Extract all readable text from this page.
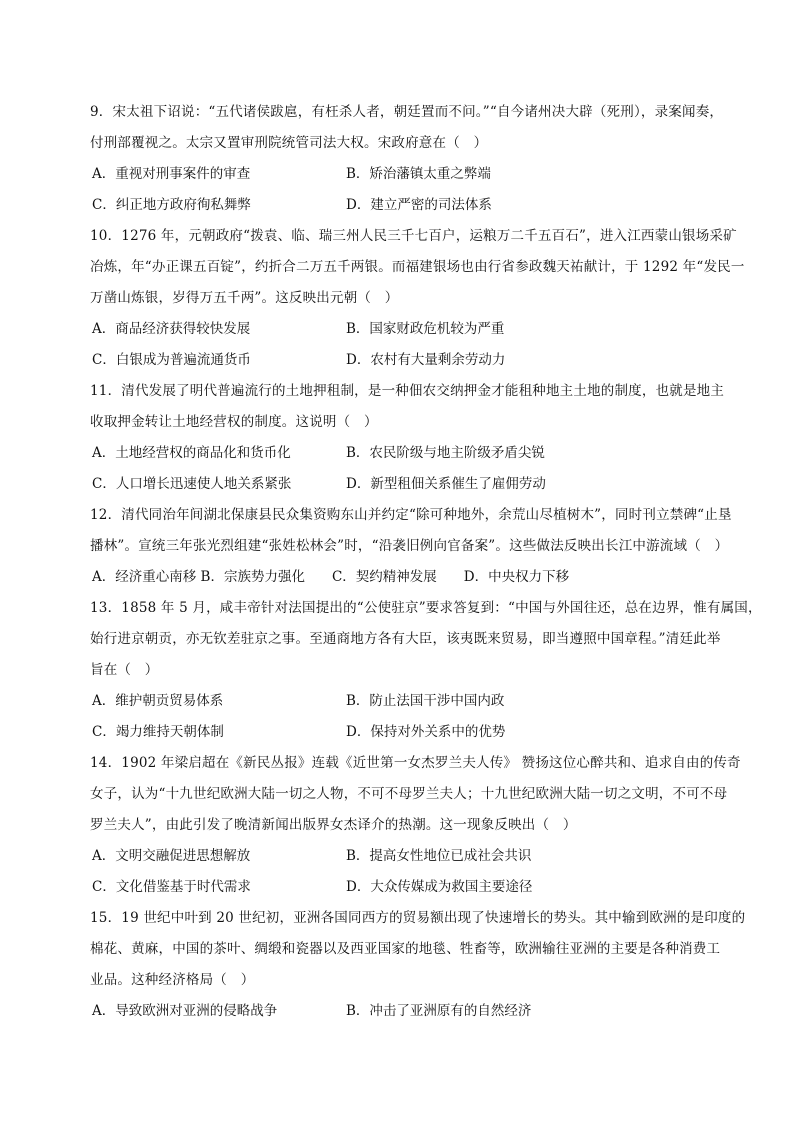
9．宋太祖下诏说：“五代诸侯跋扈，有枉杀人者，朝廷置而不问。”“自今诸州决大辟（死刑），录案闻奏，
付刑部覆视之。太宗又置审刑院统管司法大权。宋政府意在（　）
A．重视对刑事案件的审查	B．矫治藩镇太重之弊端
C．纠正地方政府徇私舞弊	D．建立严密的司法体系
10．1276 年，元朝政府“拨袁、临、瑞三州人民三千七百户，运粮万二千五百石”，进入江西蒙山银场采矿
冶炼，年“办正课五百锭”，约折合二万五千两银。而福建银场也由行省参政魏天祐献计，于 1292 年“发民一
万凿山炼银，岁得万五千两”。这反映出元朝（　）
A．商品经济获得较快发展	B．国家财政危机较为严重
C．白银成为普遍流通货币	D．农村有大量剩余劳动力
11．清代发展了明代普遍流行的土地押租制，是一种佃农交纳押金才能租种地主土地的制度，也就是地主
收取押金转让土地经营权的制度。这说明（　）
A．土地经营权的商品化和货币化	B．农民阶级与地主阶级矛盾尖锐
C．人口增长迅速使人地关系紧张	D．新型租佃关系催生了雇佣劳动
12．清代同治年间湖北保康县民众集资购东山并约定“除可种地外，余荒山尽植树木”，同时刊立禁碑“止垦
播林”。宣统三年张光烈组建“张姓松林会”时，“沿袭旧例向官备案”。这些做法反映出长江中游流域（　）
A．经济重心南移 B．宗族势力强化　　C．契约精神发展　　D．中央权力下移
13．1858 年 5 月，咸丰帝针对法国提出的“公使驻京”要求答复到：“中国与外国往还，总在边界，惟有属国，
始行进京朝贡，亦无钦差驻京之事。至通商地方各有大臣，该夷既来贸易，即当遵照中国章程。”清廷此举
旨在（　）
A．维护朝贡贸易体系	B．防止法国干涉中国内政
C．竭力维持天朝体制	D．保持对外关系中的优势
14．1902 年梁启超在《新民丛报》连载《近世第一女杰罗兰夫人传》 赞扬这位心醉共和、追求自由的传奇
女子，认为“十九世纪欧洲大陆一切之人物，不可不母罗兰夫人；十九世纪欧洲大陆一切之文明，不可不母
罗兰夫人”，由此引发了晚清新闻出版界女杰译介的热潮。这一现象反映出（　）
A．文明交融促进思想解放	B．提高女性地位已成社会共识
C．文化借鉴基于时代需求	D．大众传媒成为救国主要途径
15．19 世纪中叶到 20 世纪初，亚洲各国同西方的贸易额出现了快速增长的势头。其中输到欧洲的是印度的
棉花、黄麻，中国的茶叶、绸缎和瓷器以及西亚国家的地毯、牲畜等，欧洲输往亚洲的主要是各种消费工
业品。这种经济格局（　）
A．导致欧洲对亚洲的侵略战争	B．冲击了亚洲原有的自然经济
